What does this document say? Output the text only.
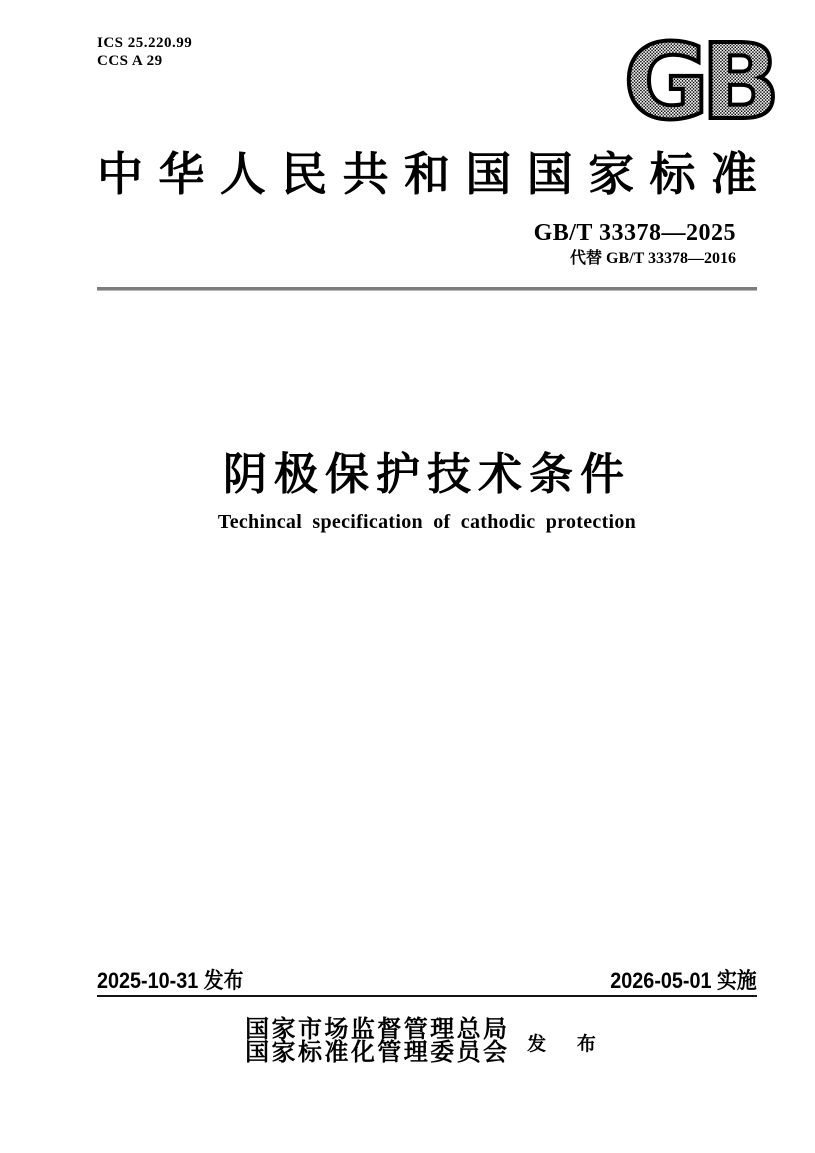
ICS 25.220.99
CCS A 29
中 华 人 民 共 和 国 国 家 标 准
GB/T 33378—2025
代替 GB/T 33378—2016
阴极保护技术条件
Techincal specification of cathodic protection
2025-10-31 发布	2026-05-01 实施
国 家 市 场 监 督 管 理 总 局
国 家 标 准 化 管 理 委 员 会 发 布
GB
